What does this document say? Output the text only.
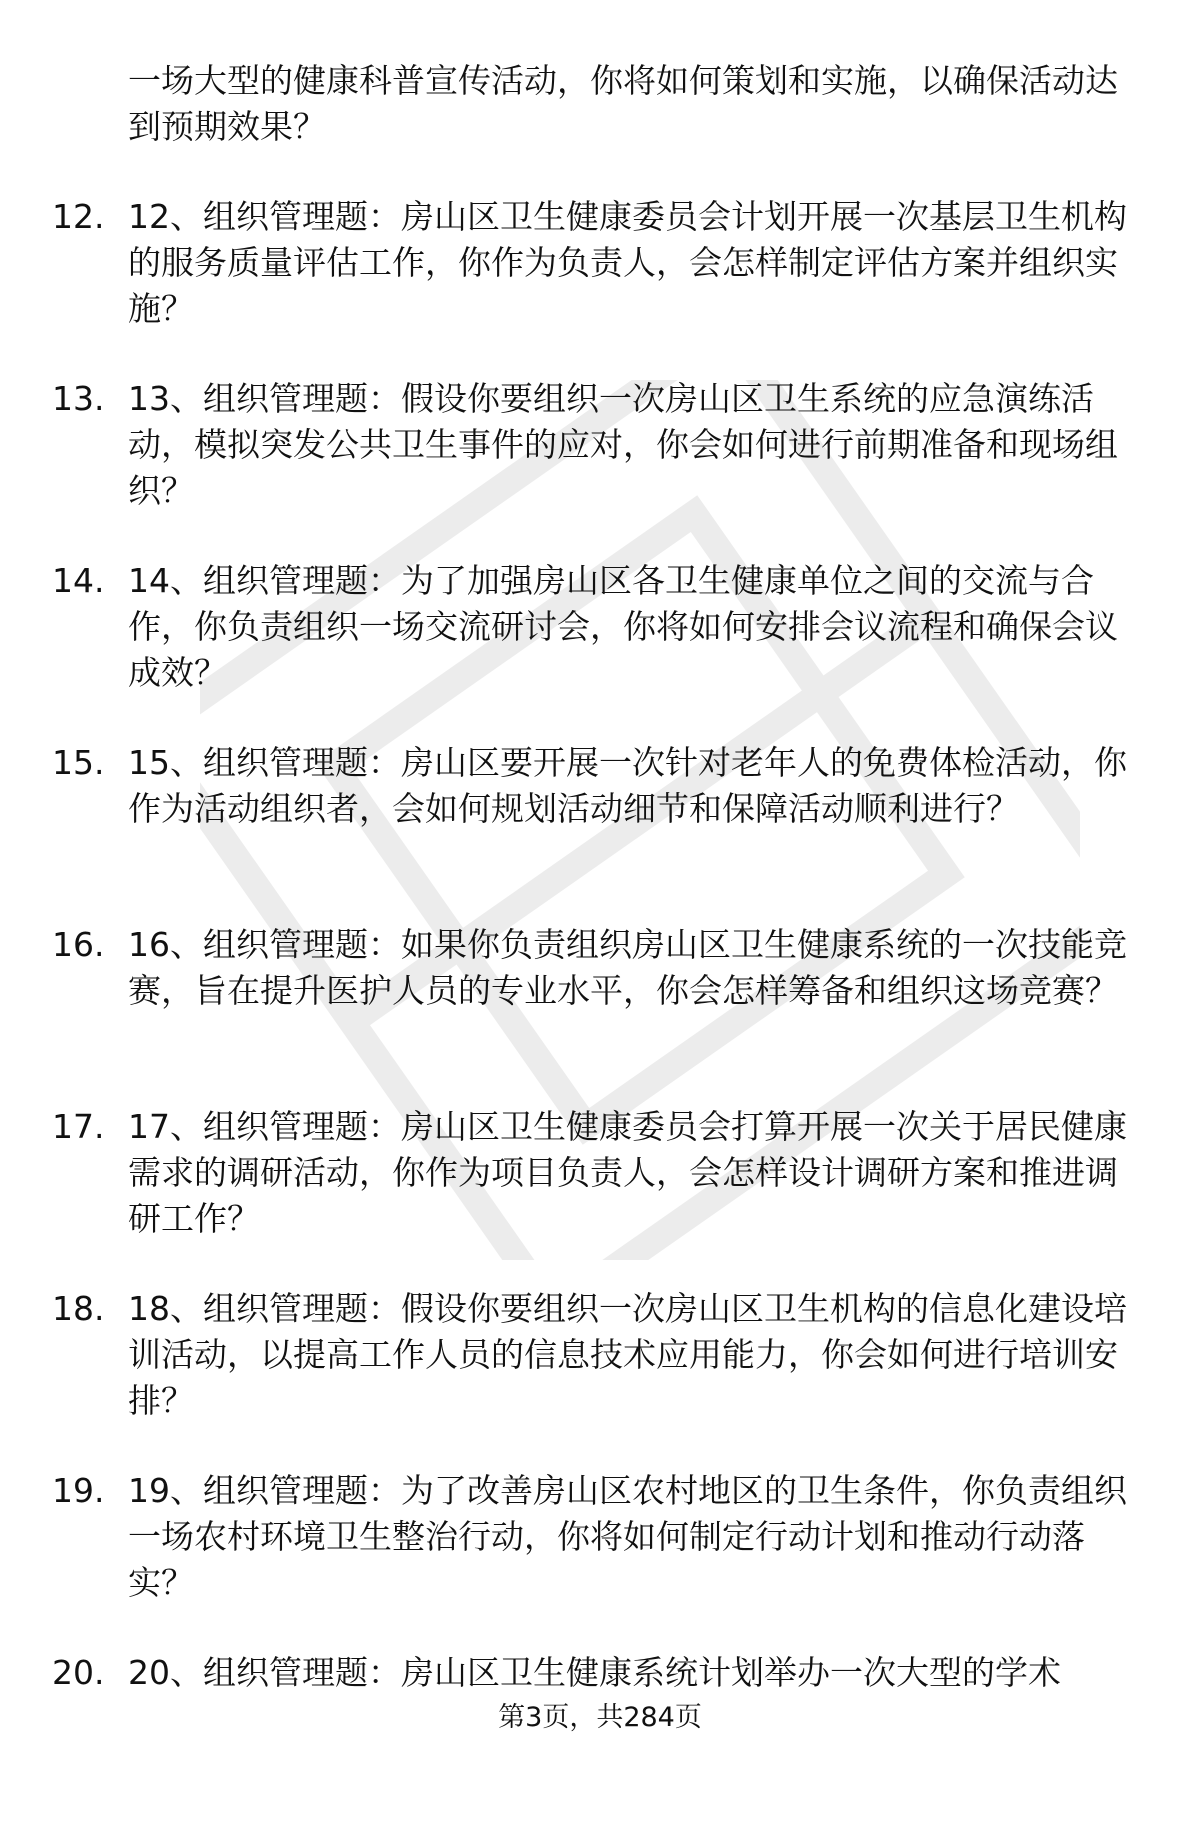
一场大型的健康科普宣传活动，你将如何策划和实施，以确保活动达到预期效果？

12. 12、组织管理题：房山区卫生健康委员会计划开展一次基层卫生机构的服务质量评估工作，你作为负责人，会怎样制定评估方案并组织实施？

13. 13、组织管理题：假设你要组织一次房山区卫生系统的应急演练活动，模拟突发公共卫生事件的应对，你会如何进行前期准备和现场组织？

14. 14、组织管理题：为了加强房山区各卫生健康单位之间的交流与合作，你负责组织一场交流研讨会，你将如何安排会议流程和确保会议成效？

15. 15、组织管理题：房山区要开展一次针对老年人的免费体检活动，你作为活动组织者，会如何规划活动细节和保障活动顺利进行？

16. 16、组织管理题：如果你负责组织房山区卫生健康系统的一次技能竞赛，旨在提升医护人员的专业水平，你会怎样筹备和组织这场竞赛？

17. 17、组织管理题：房山区卫生健康委员会打算开展一次关于居民健康需求的调研活动，你作为项目负责人，会怎样设计调研方案和推进调研工作？

18. 18、组织管理题：假设你要组织一次房山区卫生机构的信息化建设培训活动，以提高工作人员的信息技术应用能力，你会如何进行培训安排？

19. 19、组织管理题：为了改善房山区农村地区的卫生条件，你负责组织一场农村环境卫生整治行动，你将如何制定行动计划和推动行动落实？

20. 20、组织管理题：房山区卫生健康系统计划举办一次大型的学术

第3页，共284页
